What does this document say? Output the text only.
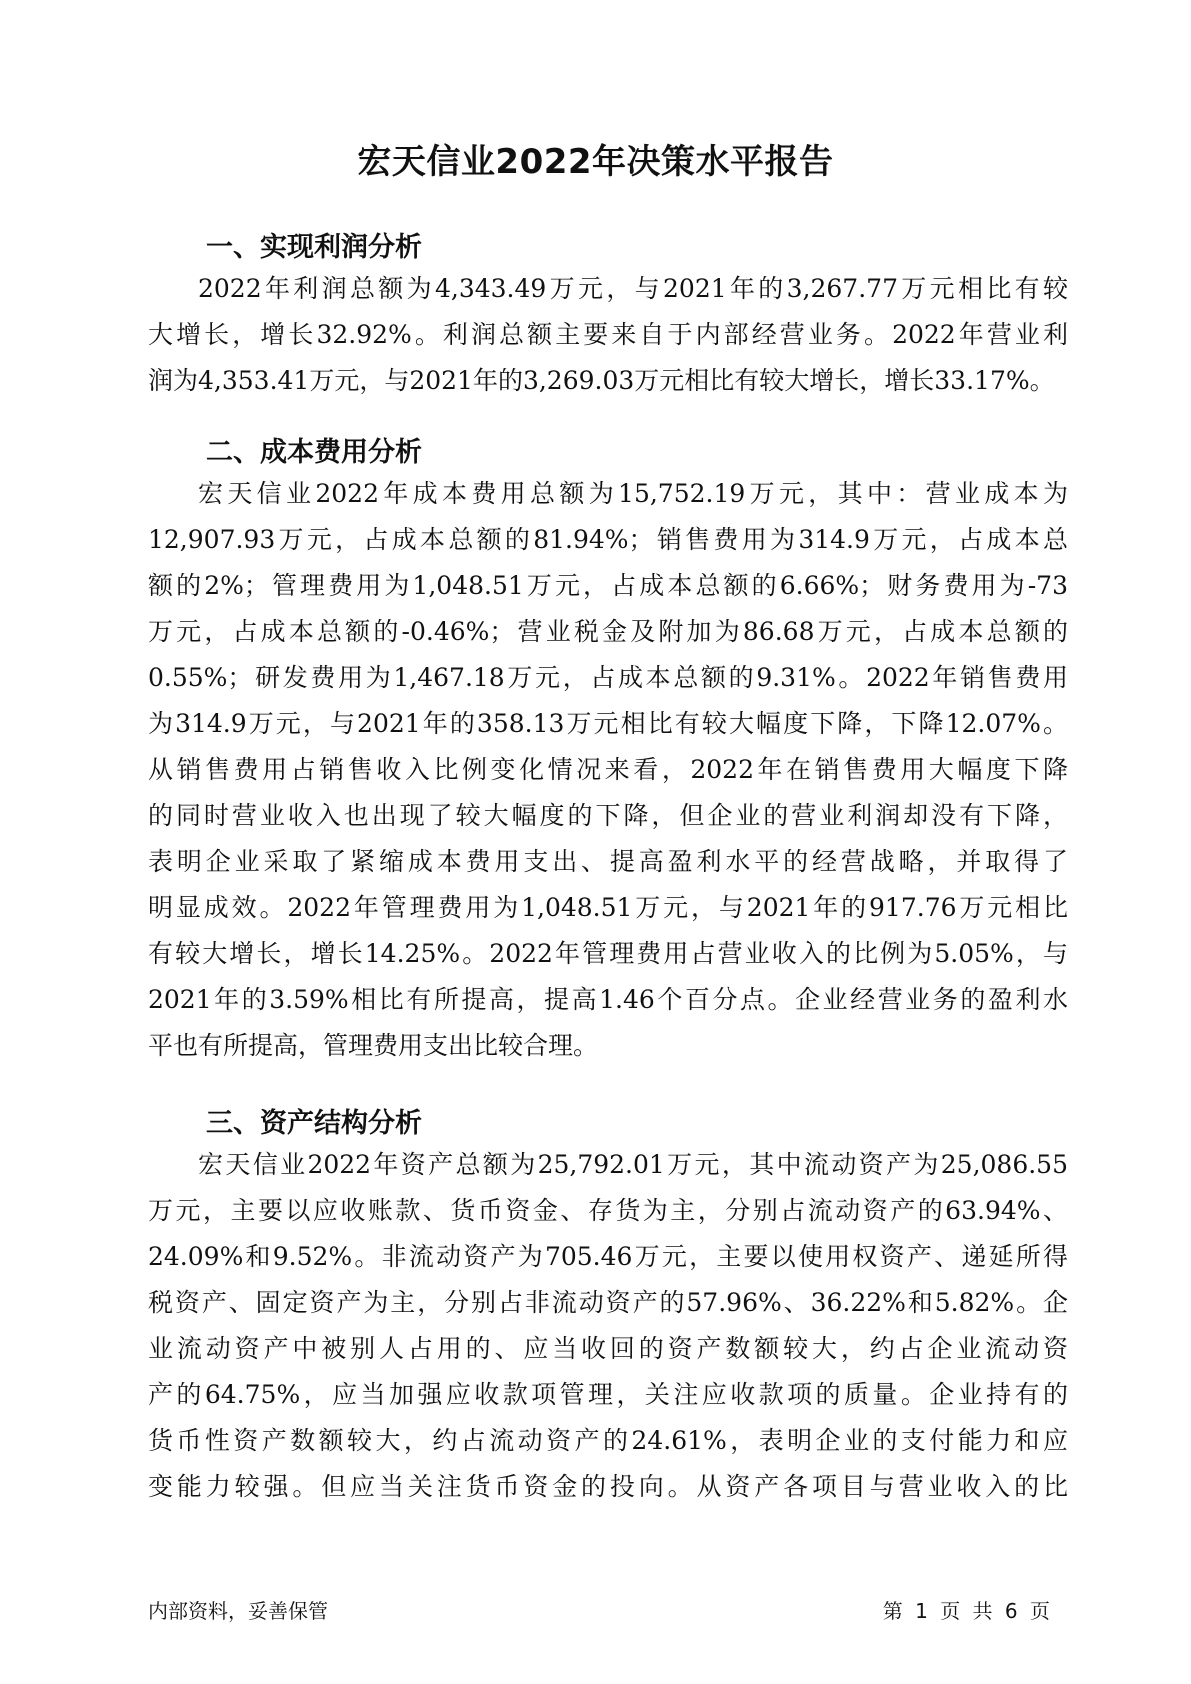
宏天信业2022年决策水平报告
一、实现利润分析
2022年利润总额为4,343.49万元，与2021年的3,267.77万元相比有较
大增长，增长32.92%。利润总额主要来自于内部经营业务。2022年营业利
润为4,353.41万元，与2021年的3,269.03万元相比有较大增长，增长33.17%。
二、成本费用分析
宏天信业2022年成本费用总额为15,752.19万元，其中：营业成本为
12,907.93万元，占成本总额的81.94%；销售费用为314.9万元，占成本总
额的2%；管理费用为1,048.51万元，占成本总额的6.66%；财务费用为-73
万元，占成本总额的-0.46%；营业税金及附加为86.68万元，占成本总额的
0.55%；研发费用为1,467.18万元，占成本总额的9.31%。2022年销售费用
为314.9万元，与2021年的358.13万元相比有较大幅度下降，下降12.07%。
从销售费用占销售收入比例变化情况来看，2022年在销售费用大幅度下降
的同时营业收入也出现了较大幅度的下降，但企业的营业利润却没有下降，
表明企业采取了紧缩成本费用支出、提高盈利水平的经营战略，并取得了
明显成效。2022年管理费用为1,048.51万元，与2021年的917.76万元相比
有较大增长，增长14.25%。2022年管理费用占营业收入的比例为5.05%，与
2021年的3.59%相比有所提高，提高1.46个百分点。企业经营业务的盈利水
平也有所提高，管理费用支出比较合理。
三、资产结构分析
宏天信业2022年资产总额为25,792.01万元，其中流动资产为25,086.55
万元，主要以应收账款、货币资金、存货为主，分别占流动资产的63.94%、
24.09%和9.52%。非流动资产为705.46万元，主要以使用权资产、递延所得
税资产、固定资产为主，分别占非流动资产的57.96%、36.22%和5.82%。企
业流动资产中被别人占用的、应当收回的资产数额较大，约占企业流动资
产的64.75%，应当加强应收款项管理，关注应收款项的质量。企业持有的
货币性资产数额较大，约占流动资产的24.61%，表明企业的支付能力和应
变能力较强。但应当关注货币资金的投向。从资产各项目与营业收入的比
内部资料，妥善保管	第 1 页 共 6 页
